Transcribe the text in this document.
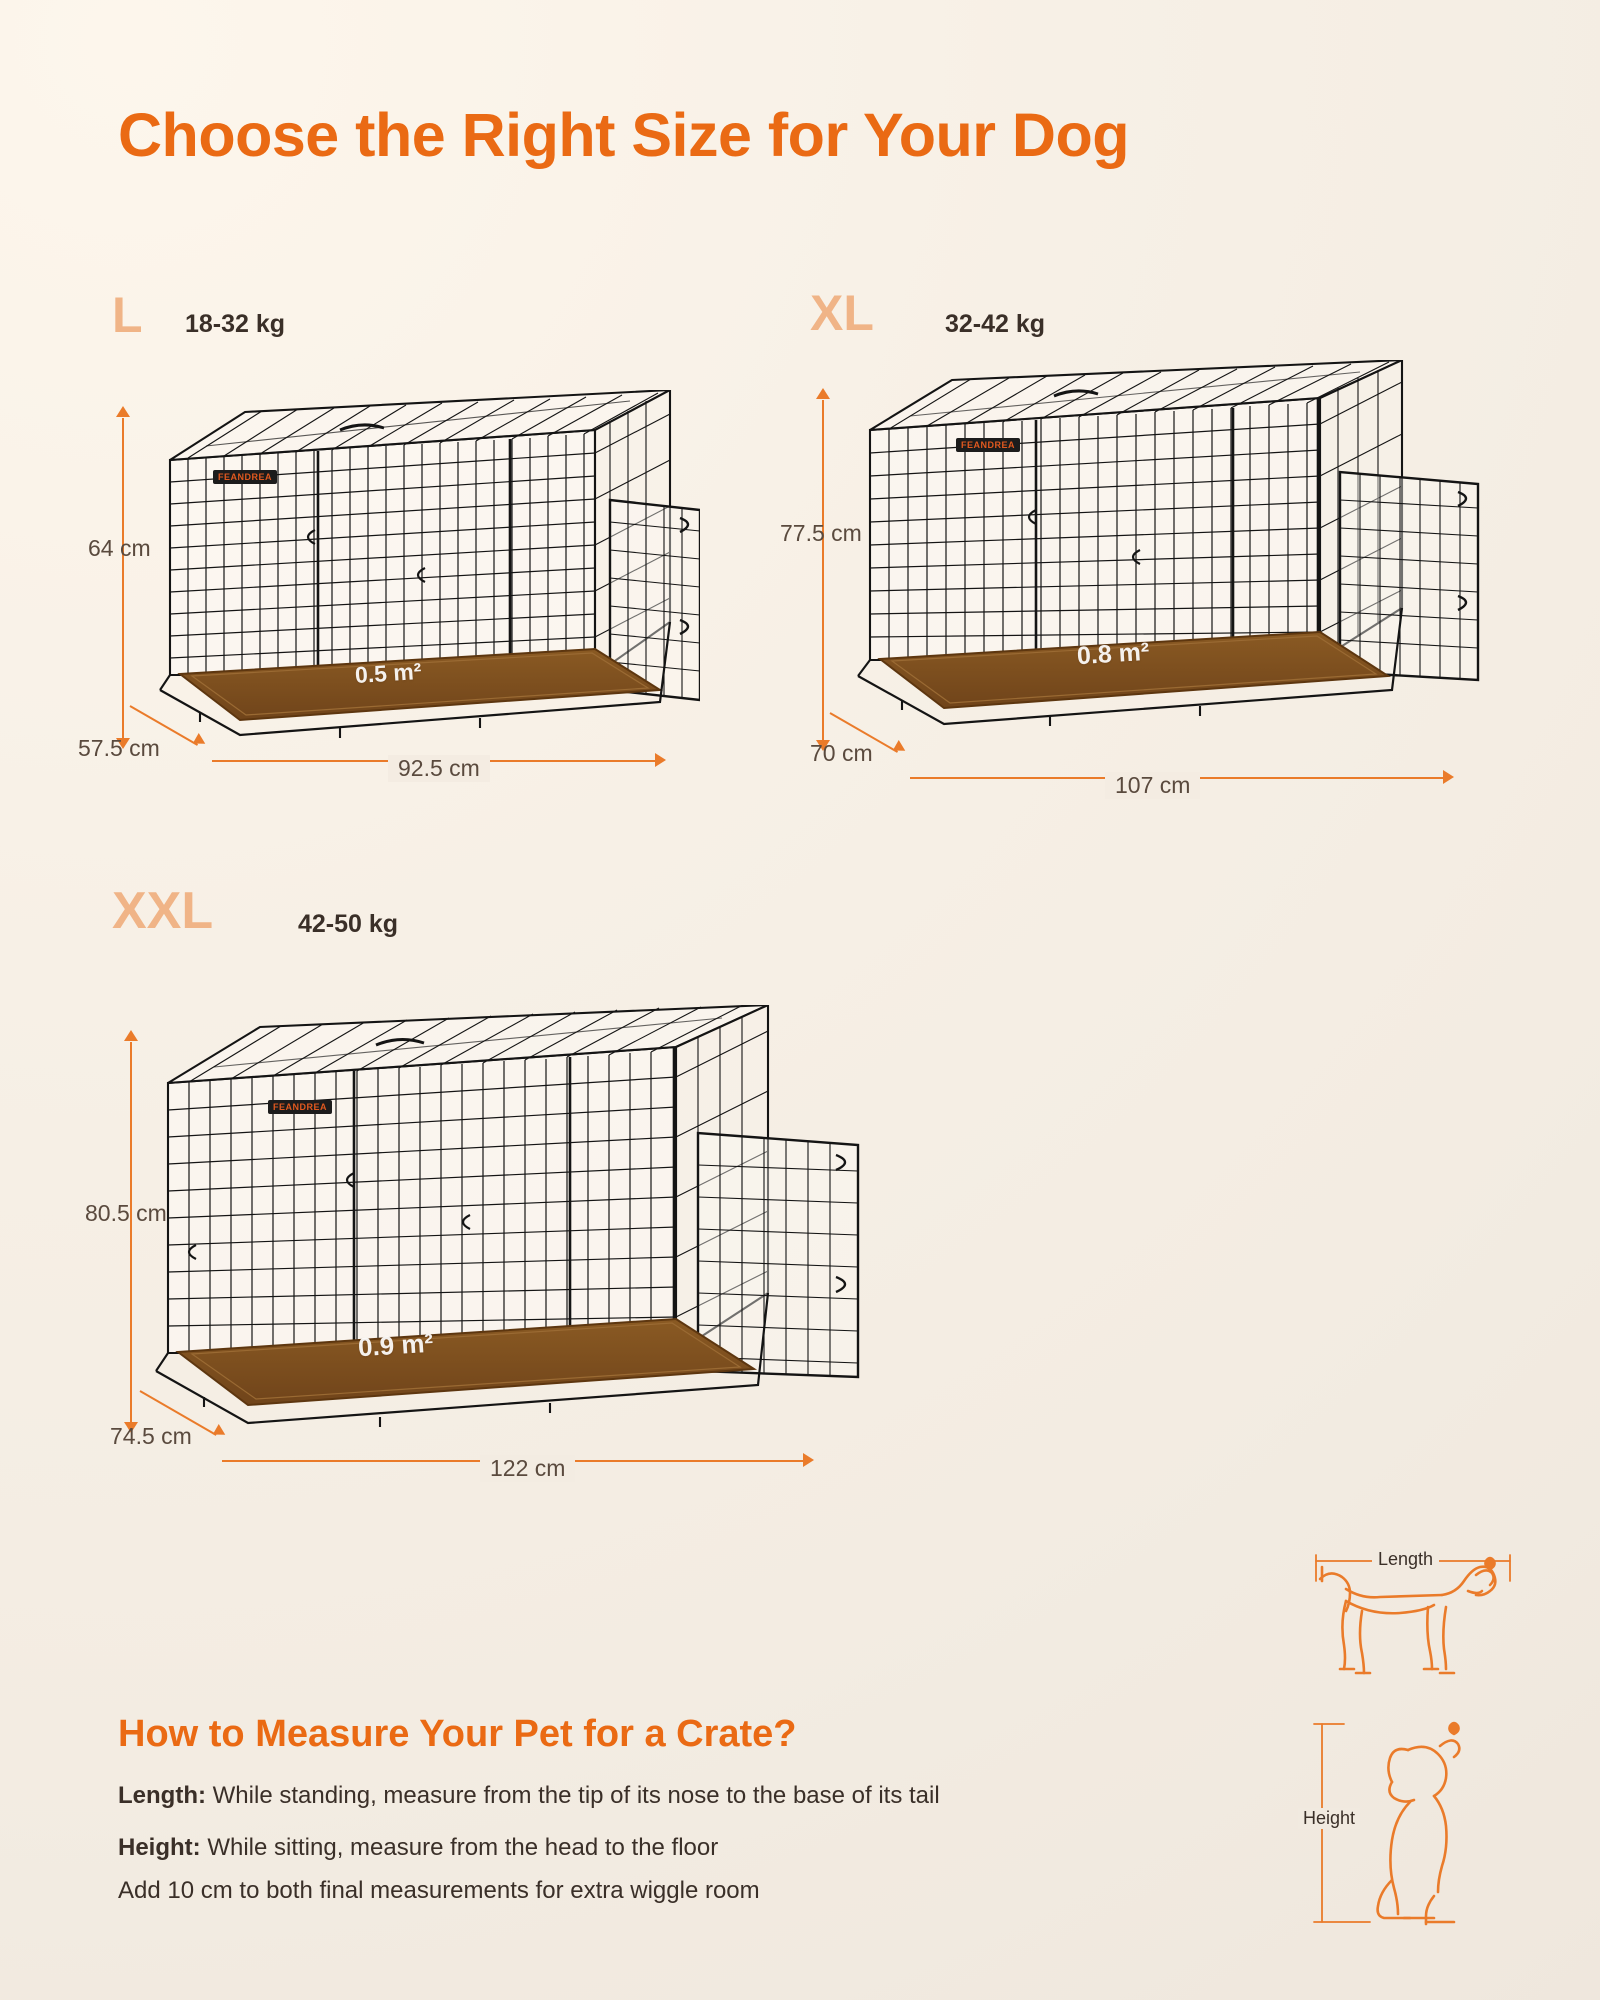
Choose the Right Size for Your Dog
L 18-32 kg
0.5 m²
FEANDREA
64 cm
57.5 cm
92.5 cm
XL	32-42 kg
0.8 m²
FEANDREA
77.5 cm
70 cm
107 cm
XXL	42-50 kg
0.9 m²
FEANDREA
80.5 cm
74.5 cm
122 cm
How to Measure Your Pet for a Crate?
Length: While standing, measure from the tip of its nose to the base of its tail
Height: While sitting, measure from the head to the floor
Add 10 cm to both final measurements for extra wiggle room
Length
Height
